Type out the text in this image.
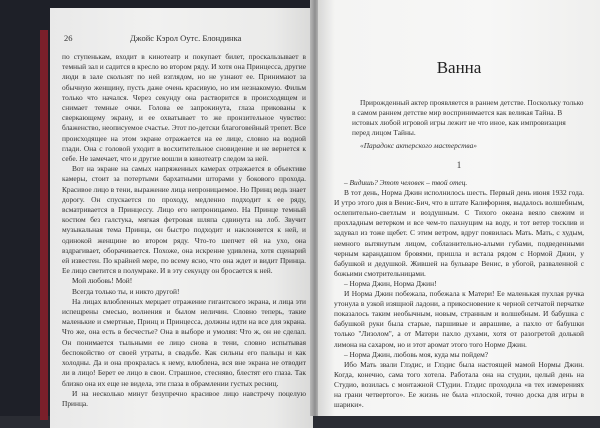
26	Джойс Кэрол Оутс. Блондинка

по ступенькам, входит в кинотеатр и покупает билет, проскальзывает в темный зал и садится в кресло во втором ряду. И хотя она Принцесса, другие люди в зале скользят по ней взглядом, но не узнают ее. Принимают за обычную женщину, пусть даже очень красивую, но им незнакомую. Фильм только что начался. Через секунду она растворится в происходящем и снимает темные очки. Голова ее запрокинута, глаза прикованы к сверкающему экрану, и ее охватывает то же пронзительное чувство: блаженство, неописуемое счастье. Этот по-детски благоговейный трепет. Все происходящее на этом экране отражается на ее лице, словно на водной глади. Она с головой уходит в восхитительное сновидение и не вернется к себе. Не замечает, что и другие вошли в кинотеатр следом за ней.

Вот на экране на самых напряженных камерах отражается в объективе камеры, стоит за потертыми бархатными шторами у бокового прохода. Красивое лицо в тени, выражение лица непроницаемое. Но Принц ведь знает дорогу. Он спускается по проходу, медленно подходит к ее ряду, всматривается в Принцессу. Лицо его непроницаемо. На Принце темный костюм без галстука, мягкая фетровая шляпа сдвинута на лоб. Звучит музыкальная тема Принца, он быстро подходит и наклоняется к ней, и одинокой женщине во втором ряду. Что-то шепчет ей на ухо, она вздрагивает, оборачивается. Похоже, она искренне удивлена, хотя сценарий ей известен. По крайней мере, по всему ясно, что она ждет и видит Принца. Ее лицо светится в полумраке. И в эту секунду он бросается к ней.

Мой любовь! Мой!

Всегда только ты, и никто другой!

На лицах влюбленных мерцает отражение гигантского экрана, и лица эти испещрены смесью, волнения и былом неличин. Словно теперь, такие маленькие и смертные, Принц и Принцесса, должны идти на все для экрана. Что же, она есть в бесчестье? Она в выборе и умоляя: Что ж, он не сделал. Он понимается тыльными ее лицо снова в тени, словно испытывая беспокойство от своей утраты, в свадьбе. Как сильны его пальцы и как холодны. Да и она прокралась к нему, влюблена, вся вне экрана не отводит ли в лицо! Берет ее лицо в свои. Страшное, стесняво, блестят его глаза. Так близко она их еще не видела, эти глаза в обрамлении густых ресниц.

И на несколько минут безупречно красивое лицо навстречу поцелую Принца.

Ванна

Прирожденный актер проявляется в раннем детстве. Поскольку только в самом раннем детстве мир воспринимается как великая Тайна. В истовых любой игровой игры лежит не что иное, как импровизация перед лицом Тайны.

«Парадокс актерского мастерства»

1

– Видишь? Этот человек – твой отец.

В тот день, Норма Джин исполнилось шесть. Первый день июня 1932 года. И утро этого дня в Венис-Бич, что в штате Калифорния, выдалось волшебным, ослепительно-светлым и воздушным. С Тихого океана веяло свежим и прохладным ветерком и все чем-то пахнущим на воду, и тот ветер тосклив и задувал из тоже щебет. С этим ветром, вдруг появилась Мать. Мать, с худым, немного вытянутым лицом, соблазнительно-алыми губами, подведенными черным карандашом бровями, пришла и встала рядом с Нормой Джин, у бабушкой и дедушкой. Жившей на бульваре Венис, в убогой, разваленной с божьими смотрительницами.

– Норма Джин, Норма Джин!

И Норма Джин побежала, побежала к Матери! Ее маленькая пухлая ручка утонула в узкой изящной ладони, а прикосновение к черной сетчатой перчатке показалось таким необычным, новым, странным и волшебным. И бабушка с бабушкой руки была старые, паршивые и аврашиве, а пахло от бабушки только "Лизолом", а от Матери пахло духами, хотя от разогретой долькой лимона на сахаром, но и этот аромат этого того Норме Джин.

– Норма Джин, любовь моя, куда мы пойдем?

Ибо Мать звали Глэдис, и Глэдис была настоящей мамой Нормы Джин. Когда, конечно, сама того хотела. Работала она на студии, целый день на Студио, возилась с монтажной СТудии. Глэдис проходила «в тех измерениях на грани четвертого». Ее жизнь не была «плоской, точно доска для игры в шарики».
